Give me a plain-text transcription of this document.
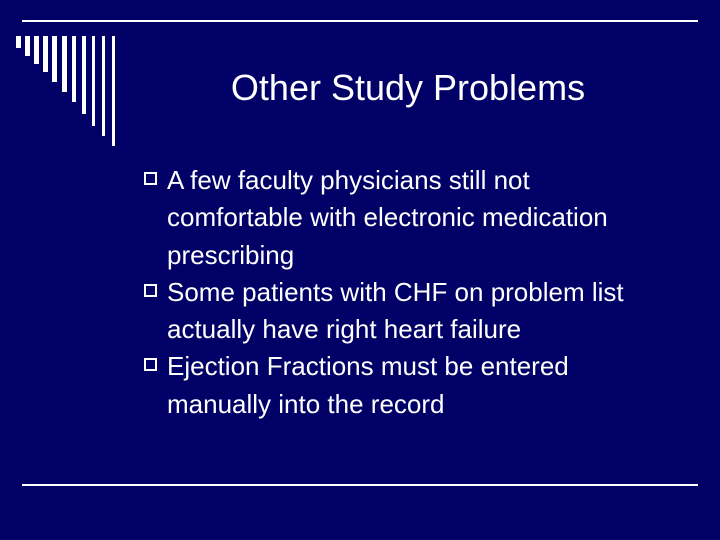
Other Study Problems
A few faculty physicians still not
comfortable with electronic medication
prescribing
Some patients with CHF on problem list
actually have right heart failure
Ejection Fractions must be entered
manually into the record
